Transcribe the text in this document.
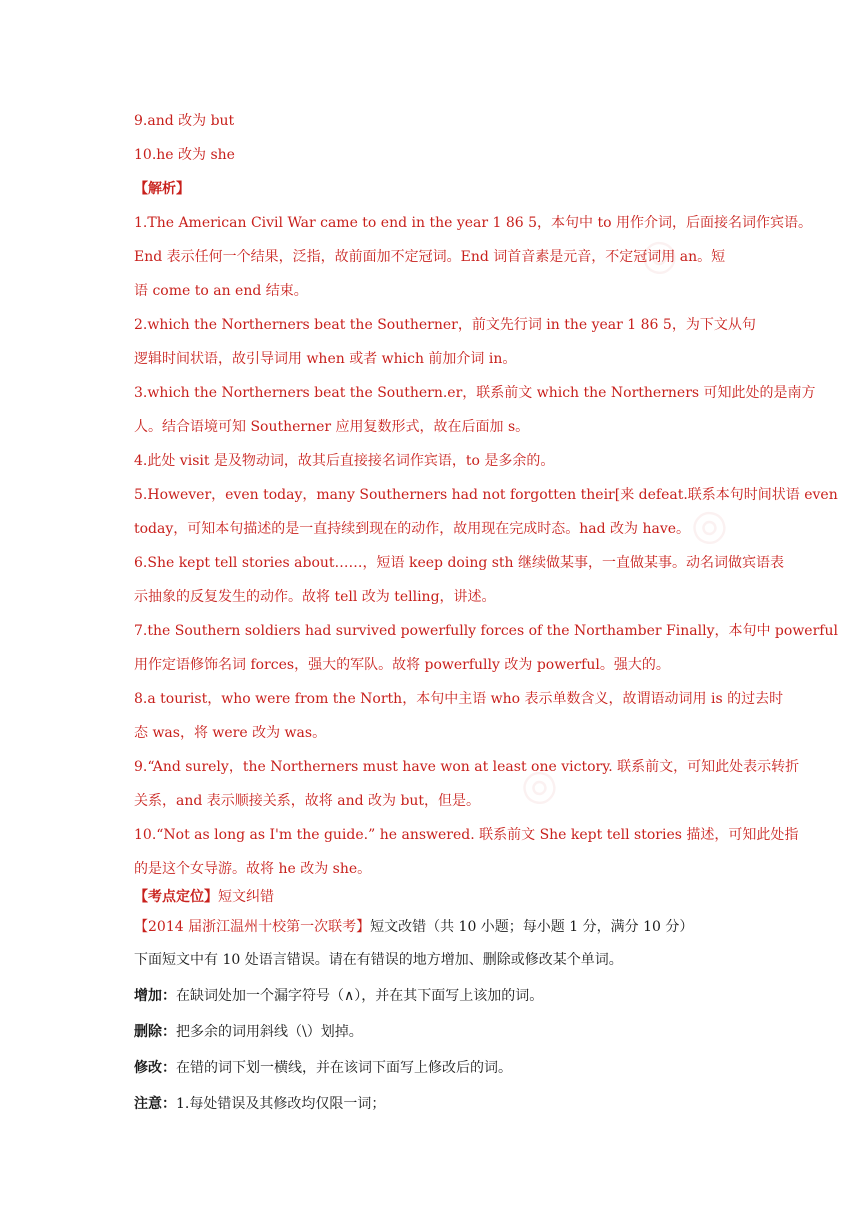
◎
◎
◎

9.and 改为 but

10.he 改为 she

【解析】

1.The American Civil War came to end in the year 1 86 5，本句中 to 用作介词，后面接名词作宾语。

End 表示任何一个结果，泛指，故前面加不定冠词。End 词首音素是元音，不定冠词用 an。短

语 come to an end 结束。

2.which the Northerners beat the Southerner，前文先行词 in the year 1 86 5，为下文从句

逻辑时间状语，故引导词用 when 或者 which 前加介词 in。

3.which the Northerners beat the Southern.er，联系前文 which the Northerners 可知此处的是南方

人。结合语境可知 Southerner 应用复数形式，故在后面加 s。

4.此处 visit 是及物动词，故其后直接接名词作宾语，to 是多余的。

5.However，even today，many Southerners had not forgotten their[来 defeat.联系本句时间状语 even

today，可知本句描述的是一直持续到现在的动作，故用现在完成时态。had 改为 have。

6.She kept tell stories about……，短语 keep doing sth 继续做某事，一直做某事。动名词做宾语表

示抽象的反复发生的动作。故将 tell 改为 telling，讲述。

7.the Southern soldiers had survived powerfully forces of the Northamber Finally，本句中 powerful

用作定语修饰名词 forces，强大的军队。故将 powerfully 改为 powerful。强大的。

8.a tourist，who were from the North，本句中主语 who 表示单数含义，故谓语动词用 is 的过去时

态 was，将 were 改为 was。

9.“And surely，the Northerners must have won at least one victory. 联系前文，可知此处表示转折

关系，and 表示顺接关系，故将 and 改为 but，但是。

10.“Not as long as I'm the guide.” he answered. 联系前文 She kept tell stories 描述，可知此处指

的是这个女导游。故将 he 改为 she。

【考点定位】短文纠错

【2014 届浙江温州十校第一次联考】短文改错（共 10 小题；每小题 1 分，满分 10 分）

下面短文中有 10 处语言错误。请在有错误的地方增加、删除或修改某个单词。

增加：在缺词处加一个漏字符号（∧），并在其下面写上该加的词。

删除：把多余的词用斜线（\）划掉。

修改：在错的词下划一横线，并在该词下面写上修改后的词。

注意：1.每处错误及其修改均仅限一词；
